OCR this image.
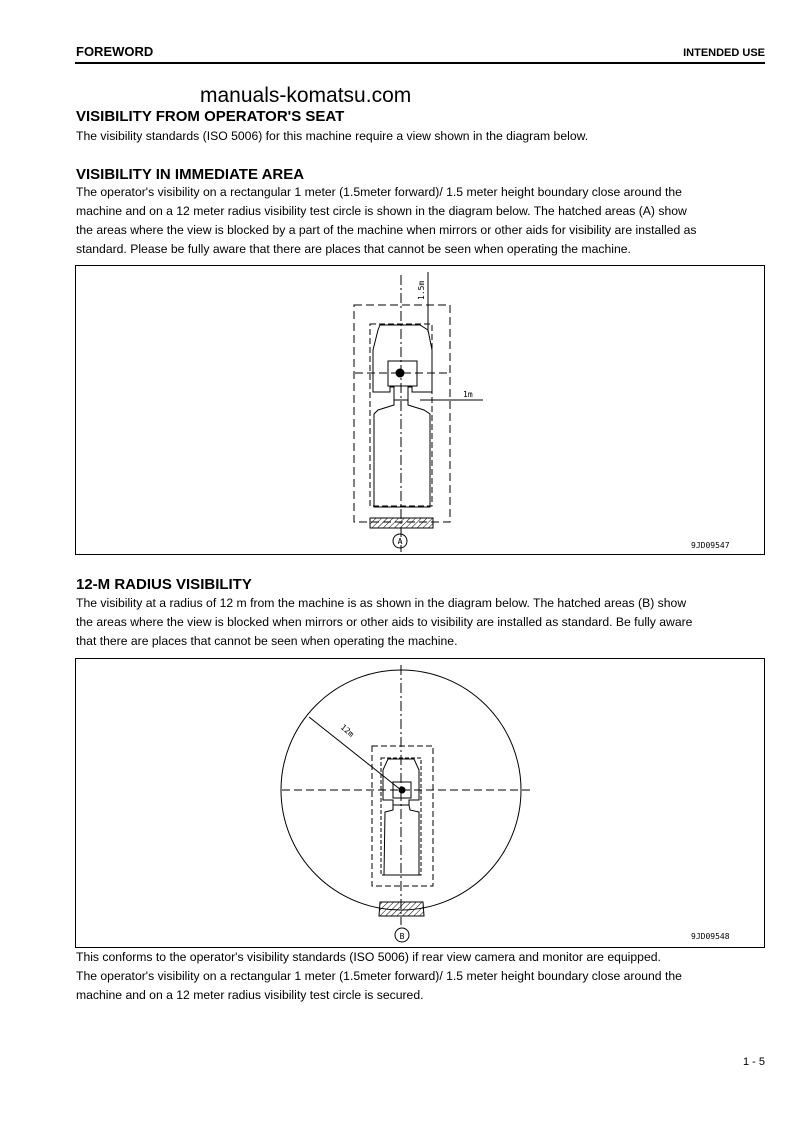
FOREWORD	INTENDED USE
manuals-komatsu.com
VISIBILITY FROM OPERATOR'S SEAT
The visibility standards (ISO 5006) for this machine require a view shown in the diagram below.
VISIBILITY IN IMMEDIATE AREA
The operator's visibility on a rectangular 1 meter (1.5meter forward)/ 1.5 meter height boundary close around the
machine and on a 12 meter radius visibility test circle is shown in the diagram below. The hatched areas (A) show
the areas where the view is blocked by a part of the machine when mirrors or other aids for visibility are installed as
standard. Please be fully aware that there are places that cannot be seen when operating the machine.
12-M RADIUS VISIBILITY
The visibility at a radius of 12 m from the machine is as shown in the diagram below. The hatched areas (B) show
the areas where the view is blocked when mirrors or other aids to visibility are installed as standard. Be fully aware
that there are places that cannot be seen when operating the machine.
This conforms to the operator's visibility standards (ISO 5006) if rear view camera and monitor are equipped.
The operator's visibility on a rectangular 1 meter (1.5meter forward)/ 1.5 meter height boundary close around the
machine and on a 12 meter radius visibility test circle is secured.
1 - 5
A
1.5m
1m
9JD09547
B
12m
9JD09548
